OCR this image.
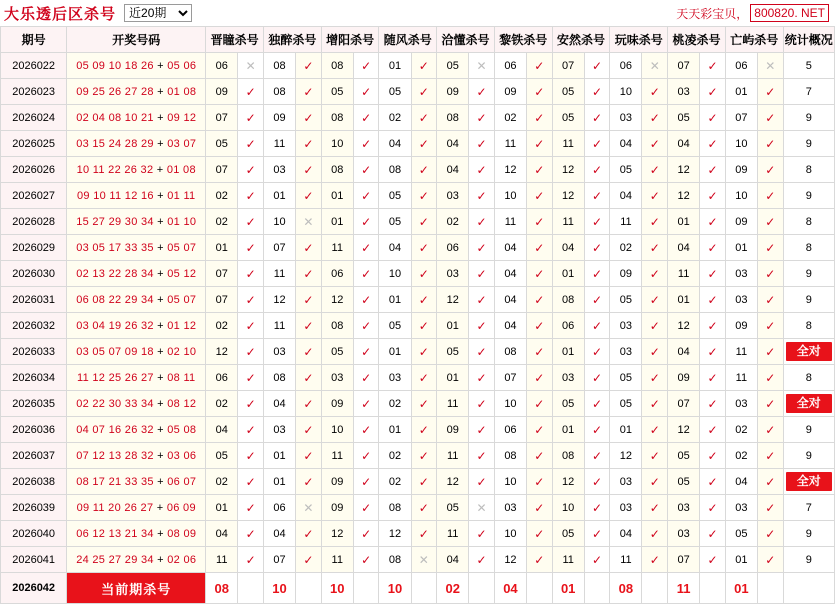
大乐透后区杀号
近20期	天天彩宝贝， 800820. NET
期号	开奖号码	晋瞳杀号		独醉杀号		增阳杀号		随风杀号		洽懂杀号		黎铁杀号		安然杀号		玩味杀号		桃凌杀号		亡屿杀号		统计概况
2026022	05 09 10 18 26 + 05 06	06	✕	08	✓	08	✓	01	✓	05	✕	06	✓	07	✓	06	✕	07	✓	06	✕	5
2026023	09 25 26 27 28 + 01 08	09	✓	08	✓	05	✓	05	✓	09	✓	09	✓	05	✓	10	✓	03	✓	01	✓	7
2026024	02 04 08 10 21 + 09 12	07	✓	09	✓	08	✓	02	✓	08	✓	02	✓	05	✓	03	✓	05	✓	07	✓	9
2026025	03 15 24 28 29 + 03 07	05	✓	11	✓	10	✓	04	✓	04	✓	11	✓	11	✓	04	✓	04	✓	10	✓	9
2026026	10 11 22 26 32 + 01 08	07	✓	03	✓	08	✓	08	✓	04	✓	12	✓	12	✓	05	✓	12	✓	09	✓	8
2026027	09 10 11 12 16 + 01 11	02	✓	01	✓	01	✓	05	✓	03	✓	10	✓	12	✓	04	✓	12	✓	10	✓	9
2026028	15 27 29 30 34 + 01 10	02	✓	10	✕	01	✓	05	✓	02	✓	11	✓	11	✓	11	✓	01	✓	09	✓	8
2026029	03 05 17 33 35 + 05 07	01	✓	07	✓	11	✓	04	✓	06	✓	04	✓	04	✓	02	✓	04	✓	01	✓	8
2026030	02 13 22 28 34 + 05 12	07	✓	11	✓	06	✓	10	✓	03	✓	04	✓	01	✓	09	✓	11	✓	03	✓	9
2026031	06 08 22 29 34 + 05 07	07	✓	12	✓	12	✓	01	✓	12	✓	04	✓	08	✓	05	✓	01	✓	03	✓	9
2026032	03 04 19 26 32 + 01 12	02	✓	11	✓	08	✓	05	✓	01	✓	04	✓	06	✓	03	✓	12	✓	09	✓	8
2026033	03 05 07 09 18 + 02 10	12	✓	03	✓	05	✓	01	✓	05	✓	08	✓	01	✓	03	✓	04	✓	11	✓	全对

2026034	11 12 25 26 27 + 08 11	06	✓	08	✓	03	✓	03	✓	01	✓	07	✓	03	✓	05	✓	09	✓	11	✓	8
2026035	02 22 30 33 34 + 08 12	02	✓	04	✓	09	✓	02	✓	11	✓	10	✓	05	✓	05	✓	07	✓	03	✓	全对

2026036	04 07 16 26 32 + 05 08	04	✓	03	✓	10	✓	01	✓	09	✓	06	✓	01	✓	01	✓	12	✓	02	✓	9
2026037	07 12 13 28 32 + 03 06	05	✓	01	✓	11	✓	02	✓	11	✓	08	✓	08	✓	12	✓	05	✓	02	✓	9
2026038	08 17 21 33 35 + 06 07	02	✓	01	✓	09	✓	02	✓	12	✓	10	✓	12	✓	03	✓	05	✓	04	✓	全对

2026039	09 11 20 26 27 + 06 09	01	✓	06	✕	09	✓	08	✓	05	✕	03	✓	10	✓	03	✓	03	✓	03	✓	7
2026040	06 12 13 21 34 + 08 09	04	✓	04	✓	12	✓	12	✓	11	✓	10	✓	05	✓	04	✓	03	✓	05	✓	9
2026041	24 25 27 29 34 + 02 06	11	✓	07	✓	11	✓	08	✕	04	✓	12	✓	11	✓	11	✓	07	✓	01	✓	9
2026042	当前期杀号	08		10		10		10		02		04		01		08		11		01		
